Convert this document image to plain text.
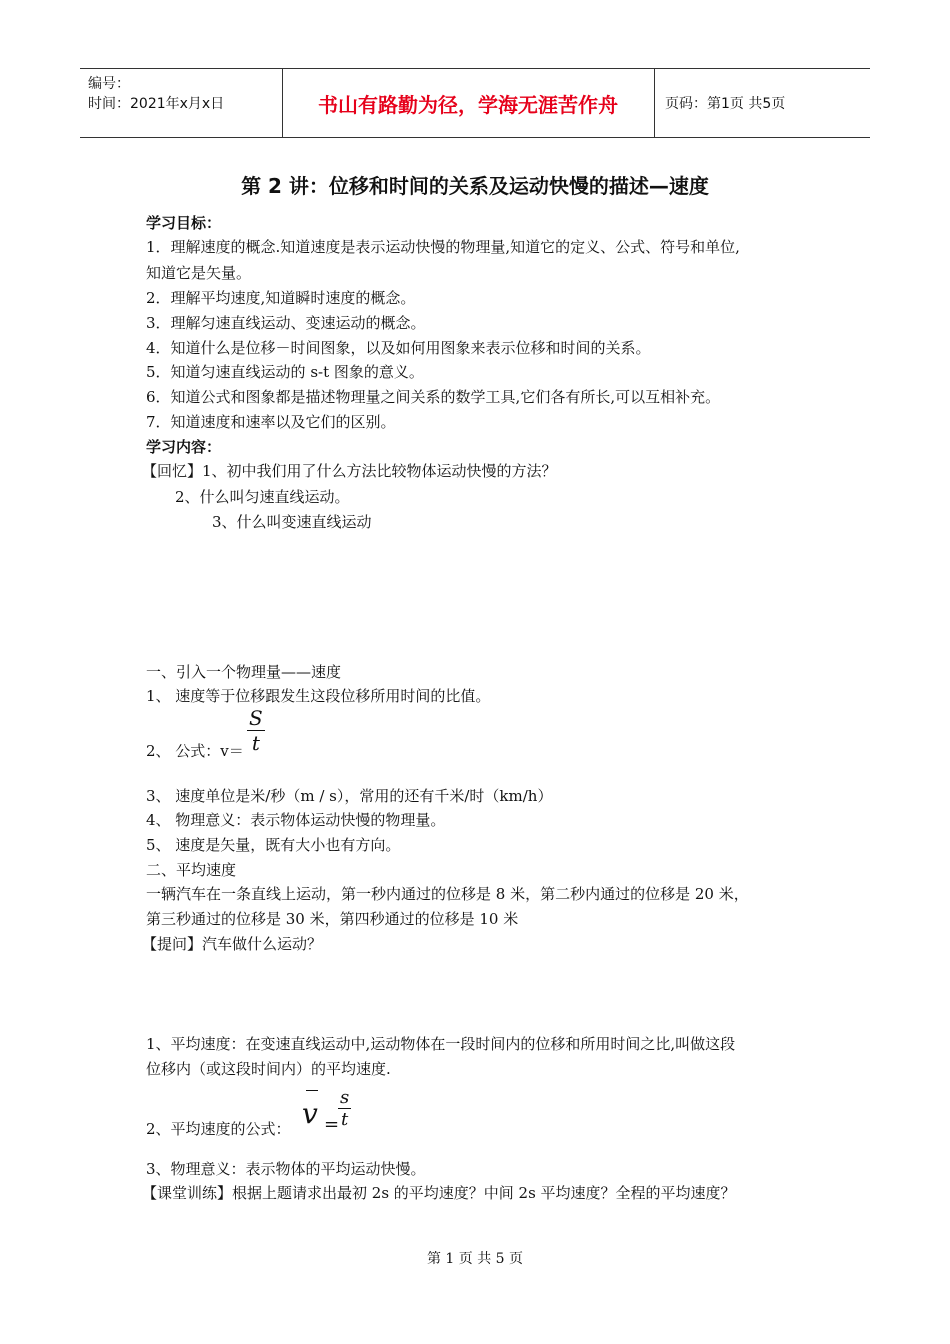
编号：
时间：2021年x月x日	书山有路勤为径，学海无涯苦作舟	页码：第1页 共5页
第 2 讲：位移和时间的关系及运动快慢的描述—速度
学习目标：
1．理解速度的概念.知道速度是表示运动快慢的物理量,知道它的定义、公式、符号和单位,
知道它是矢量。
2．理解平均速度,知道瞬时速度的概念。
3．理解匀速直线运动、变速运动的概念。
4．知道什么是位移－时间图象，以及如何用图象来表示位移和时间的关系。
5．知道匀速直线运动的 s-t 图象的意义。
6．知道公式和图象都是描述物理量之间关系的数学工具,它们各有所长,可以互相补充。
7．知道速度和速率以及它们的区别。
学习内容：
【回忆】1、初中我们用了什么方法比较物体运动快慢的方法？
2、什么叫匀速直线运动。
3、什么叫变速直线运动
一、引入一个物理量——速度
1、 速度等于位移跟发生这段位移所用时间的比值。
2、 公式：v＝
S
t
3、 速度单位是米/秒（m / s），常用的还有千米/时（km/h）
4、 物理意义：表示物体运动快慢的物理量。
5、 速度是矢量，既有大小也有方向。
二、平均速度
一辆汽车在一条直线上运动，第一秒内通过的位移是 8 米，第二秒内通过的位移是 20 米，
第三秒通过的位移是 30 米，第四秒通过的位移是 10 米
【提问】汽车做什么运动？
1、平均速度：在变速直线运动中,运动物体在一段时间内的位移和所用时间之比,叫做这段
位移内（或这段时间内）的平均速度.
2、平均速度的公式： v =
s
t
3、物理意义：表示物体的平均运动快慢。
【课堂训练】根据上题请求出最初 2s 的平均速度？中间 2s 平均速度？全程的平均速度？
第 1 页 共 5 页
